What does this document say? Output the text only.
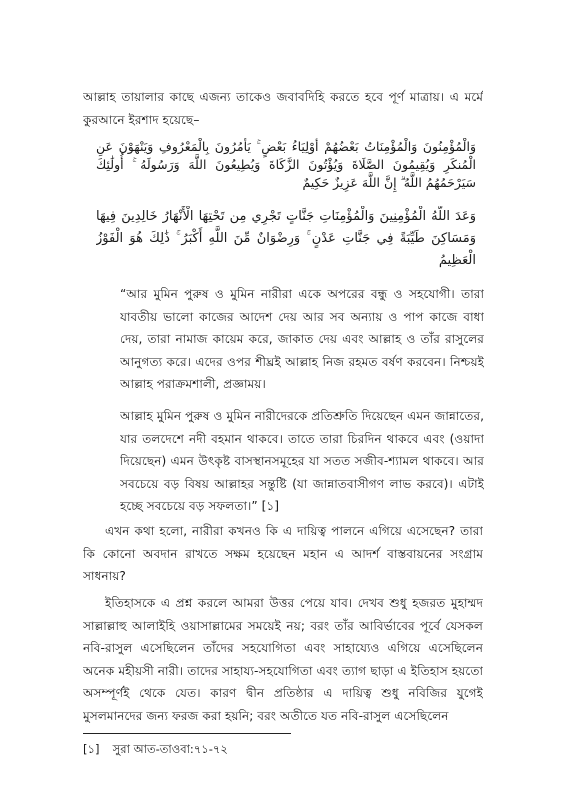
আল্লাহ তায়ালার কাছে এজন্য তাকেও জবাবদিহি করতে হবে পূর্ণ মাত্রায়। এ মর্মে কুরআনে ইরশাদ হয়েছে–

وَالْمُؤْمِنُونَ وَالْمُؤْمِنَاتُ بَعْضُهُمْ أَوْلِيَاءُ بَعْضٍ ۚ يَأْمُرُونَ بِالْمَعْرُوفِ وَيَنْهَوْنَ عَنِ الْمُنكَرِ وَيُقِيمُونَ الصَّلَاةَ وَيُؤْتُونَ الزَّكَاةَ وَيُطِيعُونَ اللَّهَ وَرَسُولَهُ ۚ أُولَٰئِكَ سَيَرْحَمُهُمُ اللَّهُ ۗ إِنَّ اللَّهَ عَزِيزٌ حَكِيمٌ

وَعَدَ اللَّهُ الْمُؤْمِنِينَ وَالْمُؤْمِنَاتِ جَنَّاتٍ تَجْرِي مِن تَحْتِهَا الْأَنْهَارُ خَالِدِينَ فِيهَا وَمَسَاكِنَ طَيِّبَةً فِي جَنَّاتِ عَدْنٍ ۚ وَرِضْوَانٌ مِّنَ اللَّهِ أَكْبَرُ ۚ ذَٰلِكَ هُوَ الْفَوْزُ الْعَظِيمُ

“আর মুমিন পুরুষ ও মুমিন নারীরা একে অপরের বন্ধু ও সহযোগী। তারা যাবতীয় ভালো কাজের আদেশ দেয় আর সব অন্যায় ও পাপ কাজে বাধা দেয়, তারা নামাজ কায়েম করে, জাকাত দেয় এবং আল্লাহ ও তাঁর রাসুলের আনুগত্য করে। এদের ওপর শীঘ্রই আল্লাহ নিজ রহমত বর্ষণ করবেন। নিশ্চয়ই আল্লাহ পরাক্রমশালী, প্রজ্ঞাময়।

আল্লাহ মুমিন পুরুষ ও মুমিন নারীদেরকে প্রতিশ্রুতি দিয়েছেন এমন জান্নাতের, যার তলদেশে নদী বহমান থাকবে। তাতে তারা চিরদিন থাকবে এবং (ওয়াদা দিয়েছেন) এমন উৎকৃষ্ট বাসস্থানসমূহের যা সতত সজীব-শ্যামল থাকবে। আর সবচেয়ে বড় বিষয় আল্লাহর সন্তুষ্টি (যা জান্নাতবাসীগণ লাভ করবে)। এটাই হচ্ছে সবচেয়ে বড় সফলতা।” [১]

এখন কথা হলো, নারীরা কখনও কি এ দায়িত্ব পালনে এগিয়ে এসেছেন? তারা কি কোনো অবদান রাখতে সক্ষম হয়েছেন মহান এ আদর্শ বাস্তবায়নের সংগ্রাম সাধনায়?

ইতিহাসকে এ প্রশ্ন করলে আমরা উত্তর পেয়ে যাব। দেখব শুধু হজরত মুহাম্মদ সাল্লাল্লাহু আলাইহি ওয়াসাল্লামের সময়েই নয়; বরং তাঁর আবির্ভাবের পূর্বে যেসকল নবি-রাসুল এসেছিলেন তাঁদের সহযোগিতা এবং সাহায্যেও এগিয়ে এসেছিলেন অনেক মহীয়সী নারী। তাদের সাহায্য-সহযোগিতা এবং ত্যাগ ছাড়া এ ইতিহাস হয়তো অসম্পূর্ণই থেকে যেত। কারণ দ্বীন প্রতিষ্ঠার এ দায়িত্ব শুধু নবিজির যুগেই মুসলমানদের জন্য ফরজ করা হয়নি; বরং অতীতে যত নবি-রাসুল এসেছিলেন

[১] সুরা আত-তাওবা:৭১-৭২
